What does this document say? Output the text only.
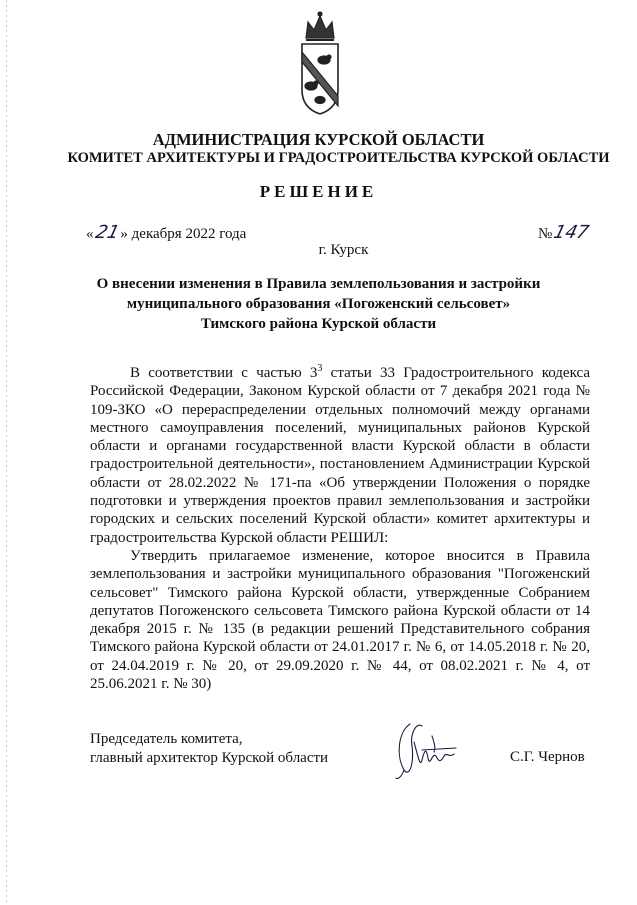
АДМИНИСТРАЦИЯ КУРСКОЙ ОБЛАСТИ
КОМИТЕТ АРХИТЕКТУРЫ И ГРАДОСТРОИТЕЛЬСТВА КУРСКОЙ ОБЛАСТИ
РЕШЕНИЕ
«21» декабря 2022 года	№147
г. Курск
О внесении изменения в Правила землепользования и застройки
муниципального образования «Погоженский сельсовет»
Тимского района Курской области

В соответствии с частью $3^3$ статьи 33 Градостроительного кодекса Российской Федерации, Законом Курской области от 7 декабря 2021 года № 109-ЗКО «О перераспределении отдельных полномочий между органами местного самоуправления поселений, муниципальных районов Курской области и органами государственной власти Курской области в области градостроительной деятельности», постановлением Администрации Курской области от 28.02.2022 № 171-па «Об утверждении Положения о порядке подготовки и утверждения проектов правил землепользования и застройки городских и сельских поселений Курской области» комитет архитектуры и градостроительства Курской области РЕШИЛ:

Утвердить прилагаемое изменение, которое вносится в Правила землепользования и застройки муниципального образования "Погоженский сельсовет" Тимского района Курской области, утвержденные Собранием депутатов Погоженского сельсовета Тимского района Курской области от 14 декабря 2015 г. № 135 (в редакции решений Представительного собрания Тимского района Курской области от 24.01.2017 г. № 6, от 14.05.2018 г. № 20, от 24.04.2019 г. № 20, от 29.09.2020 г. № 44, от 08.02.2021 г. № 4, от 25.06.2021 г. № 30)

Председатель комитета,
главный архитектор Курской области	С.Г. Чернов
